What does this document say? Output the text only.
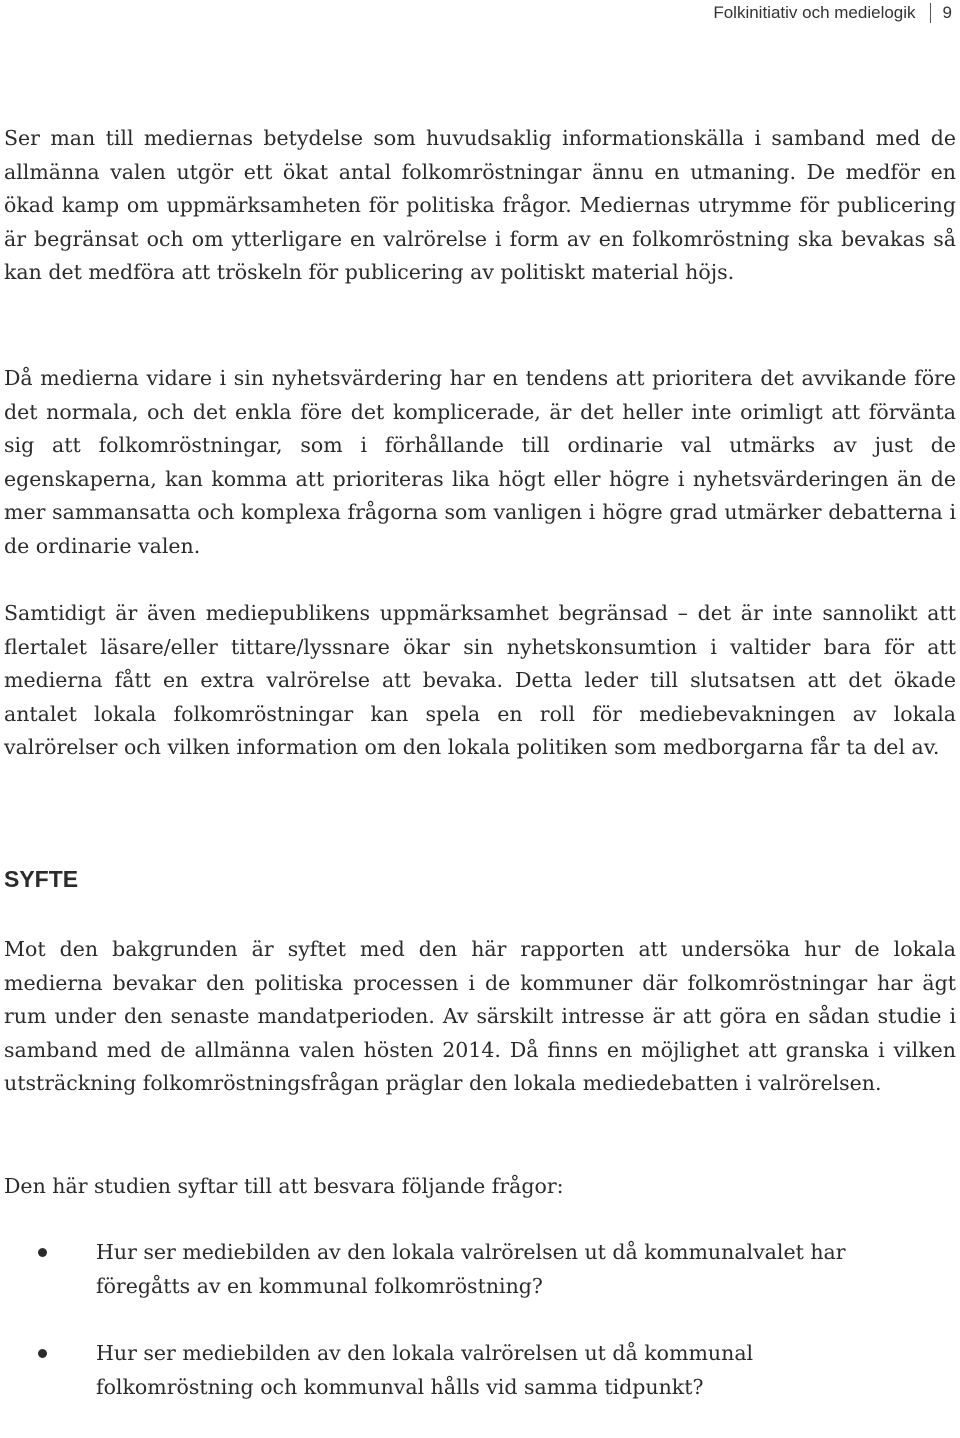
Folkinitiativ och medielogik 9

Ser man till mediernas betydelse som huvudsaklig informationskälla i samband med de allmänna valen utgör ett ökat antal folkomröstningar ännu en utmaning. De medför en ökad kamp om uppmärksamheten för politiska frågor. Mediernas utrymme för publicering är begränsat och om ytterligare en valrörelse i form av en folkomröstning ska bevakas så kan det medföra att tröskeln för publicering av politiskt material höjs.

Då medierna vidare i sin nyhetsvärdering har en tendens att prioritera det avvikande före det normala, och det enkla före det komplicerade, är det heller inte orimligt att förvänta sig att folkomröstningar, som i förhållande till ordinarie val utmärks av just de egenskaperna, kan komma att prioriteras lika högt eller högre i nyhetsvärderingen än de mer sammansatta och komplexa frågorna som vanligen i högre grad utmärker debatterna i de ordinarie valen.

Samtidigt är även mediepublikens uppmärksamhet begränsad – det är inte sannolikt att flertalet läsare/eller tittare/lyssnare ökar sin nyhetskonsumtion i valtider bara för att medierna fått en extra valrörelse att bevaka. Detta leder till slutsatsen att det ökade antalet lokala folkomröstningar kan spela en roll för mediebevakningen av lokala valrörelser och vilken information om den lokala politiken som medborgarna får ta del av.

SYFTE

Mot den bakgrunden är syftet med den här rapporten att undersöka hur de lokala medierna bevakar den politiska processen i de kommuner där folkomröstningar har ägt rum under den senaste mandatperioden. Av särskilt intresse är att göra en sådan studie i samband med de allmänna valen hösten 2014. Då finns en möjlighet att granska i vilken utsträckning folkomröstningsfrågan präglar den lokala mediedebatten i valrörelsen.

Den här studien syftar till att besvara följande frågor:

Hur ser mediebilden av den lokala valrörelsen ut då kommunalvalet har föregåtts av en kommunal folkomröstning?
Hur ser mediebilden av den lokala valrörelsen ut då kommunal folkomröstning och kommunval hålls vid samma tidpunkt?
